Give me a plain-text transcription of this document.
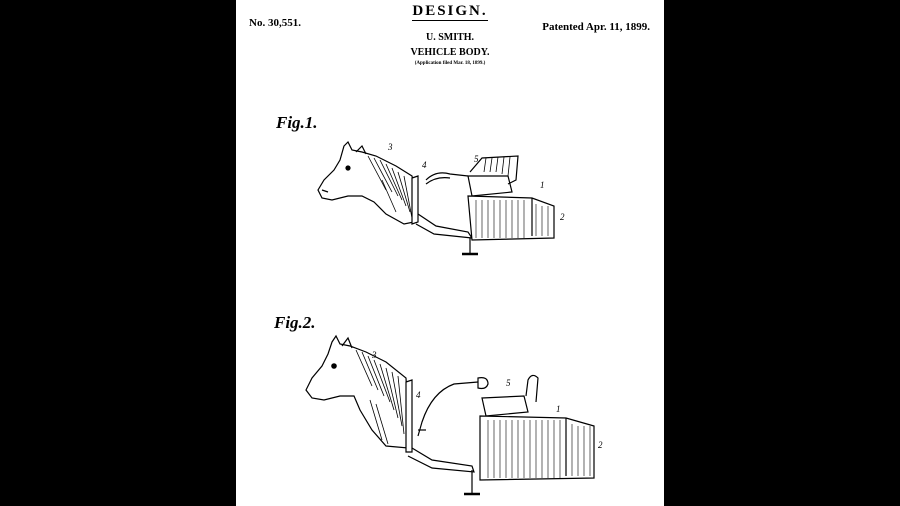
DESIGN.
No. 30,551.	Patented Apr. 11, 1899.
U. SMITH.
VEHICLE BODY.
(Application filed Mar. 18, 1899.)
Fig.1.
Fig.2.
3
4
5
1
2
3
4
5
1
2
